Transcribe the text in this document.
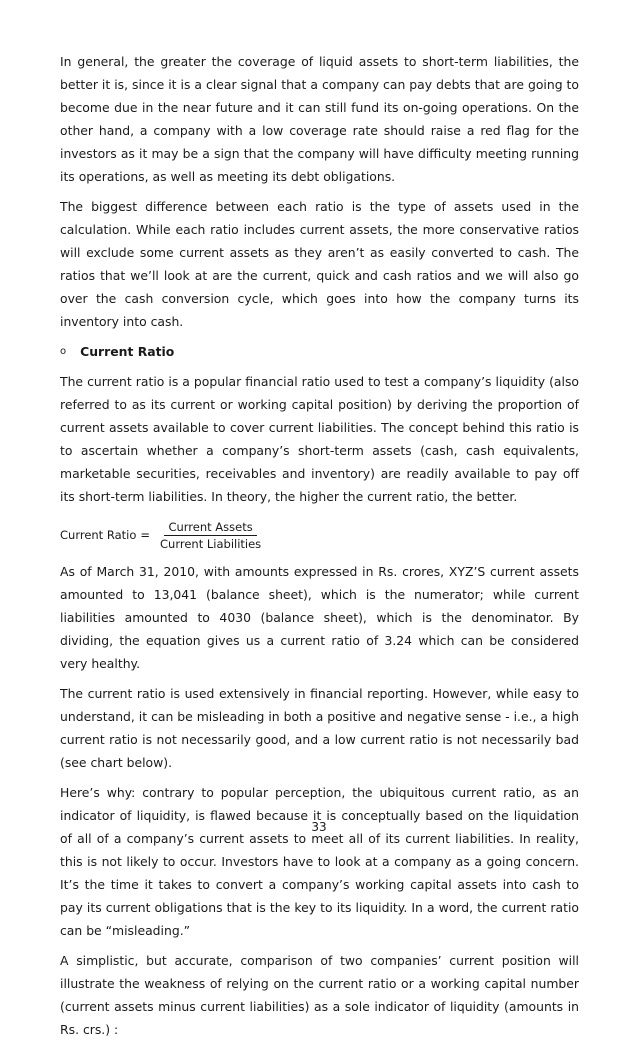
In general, the greater the coverage of liquid assets to short-term liabilities, the better it is, since it is a clear signal that a company can pay debts that are going to become due in the near future and it can still fund its on-going operations. On the other hand, a company with a low coverage rate should raise a red flag for the investors as it may be a sign that the company will have difficulty meeting running its operations, as well as meeting its debt obligations.

The biggest difference between each ratio is the type of assets used in the calculation. While each ratio includes current assets, the more conservative ratios will exclude some current assets as they aren’t as easily converted to cash. The ratios that we’ll look at are the current, quick and cash ratios and we will also go over the cash conversion cycle, which goes into how the company turns its inventory into cash.

o Current Ratio

The current ratio is a popular financial ratio used to test a company’s liquidity (also referred to as its current or working capital position) by deriving the proportion of current assets available to cover current liabilities. The concept behind this ratio is to ascertain whether a company’s short-term assets (cash, cash equivalents, marketable securities, receivables and inventory) are readily available to pay off its short-term liabilities. In theory, the higher the current ratio, the better.

Current Ratio = $\frac{\text{Current Assets}}{\text{Current Liabilities}}$

As of March 31, 2010, with amounts expressed in Rs. crores, XYZ’S current assets amounted to 13,041 (balance sheet), which is the numerator; while current liabilities amounted to 4030 (balance sheet), which is the denominator. By dividing, the equation gives us a current ratio of 3.24 which can be considered very healthy.

The current ratio is used extensively in financial reporting. However, while easy to understand, it can be misleading in both a positive and negative sense - i.e., a high current ratio is not necessarily good, and a low current ratio is not necessarily bad (see chart below).

Here’s why: contrary to popular perception, the ubiquitous current ratio, as an indicator of liquidity, is flawed because it is conceptually based on the liquidation of all of a company’s current assets to meet all of its current liabilities. In reality, this is not likely to occur. Investors have to look at a company as a going concern. It’s the time it takes to convert a company’s working capital assets into cash to pay its current obligations that is the key to its liquidity. In a word, the current ratio can be “misleading.”

A simplistic, but accurate, comparison of two companies’ current position will illustrate the weakness of relying on the current ratio or a working capital number (current assets minus current liabilities) as a sole indicator of liquidity (amounts in Rs. crs.) :

33
